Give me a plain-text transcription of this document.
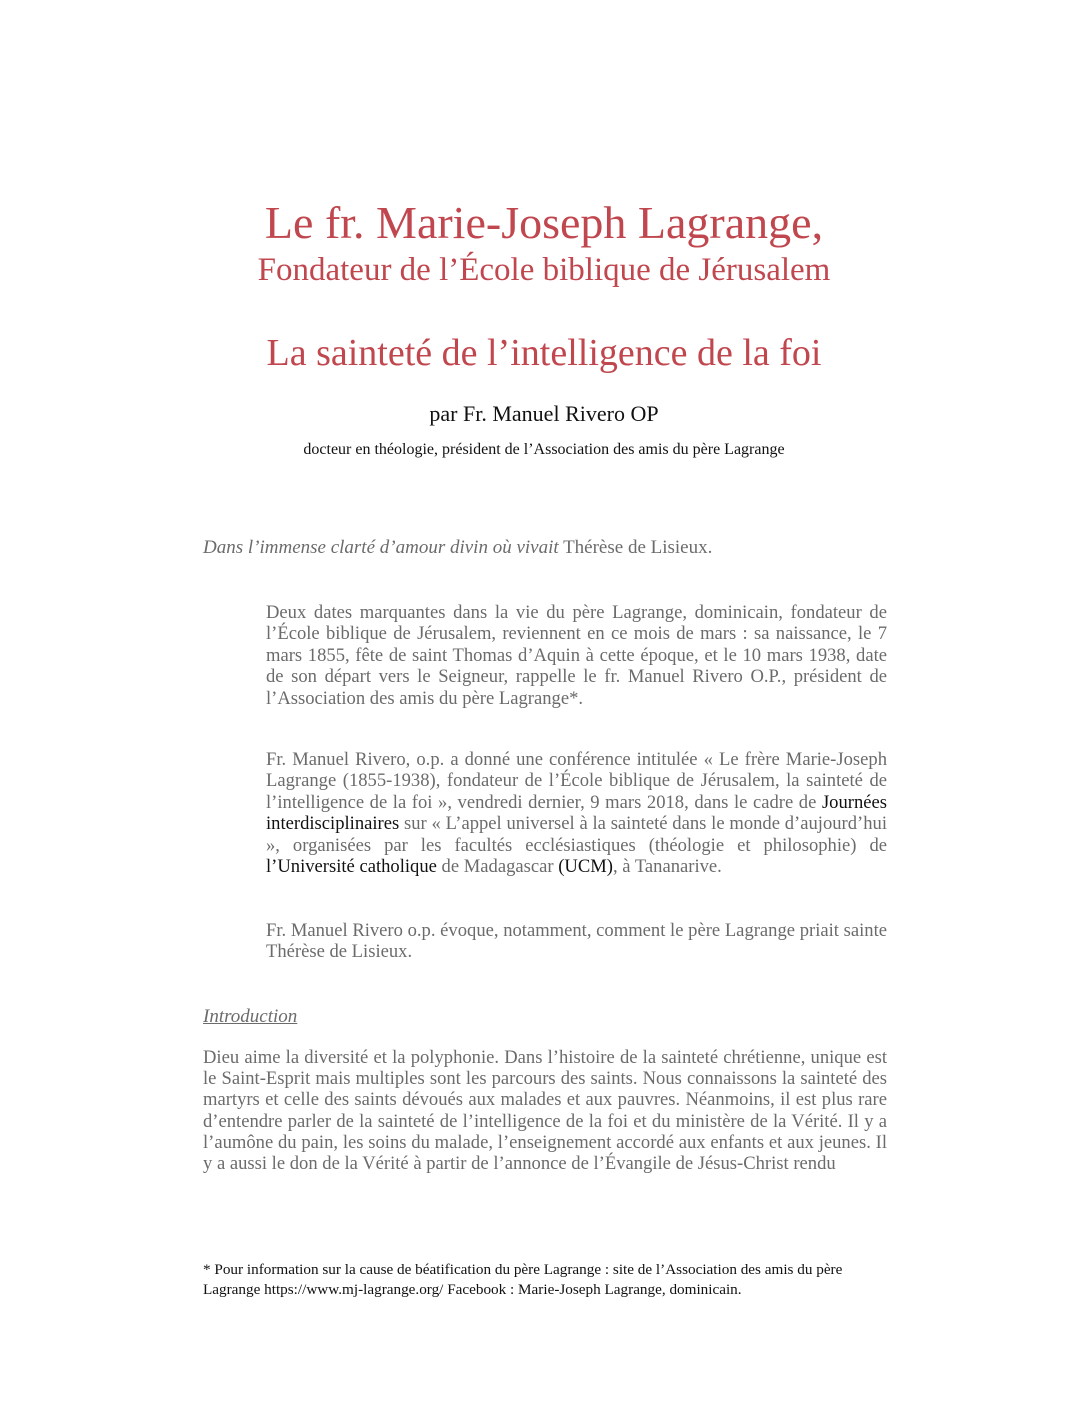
Le fr. Marie-Joseph Lagrange,
Fondateur de l’École biblique de Jérusalem
La sainteté de l’intelligence de la foi
par Fr. Manuel Rivero OP
docteur en théologie, président de l’Association des amis du père Lagrange
Dans l’immense clarté d’amour divin où vivait Thérèse de Lisieux.
Deux dates marquantes dans la vie du père Lagrange, dominicain, fondateur de l’École biblique de Jérusalem, reviennent en ce mois de mars : sa naissance, le 7 mars 1855, fête de saint Thomas d’Aquin à cette époque, et le 10 mars 1938, date de son départ vers le Seigneur, rappelle le fr. Manuel Rivero O.P., président de l’Association des amis du père Lagrange*.
Fr. Manuel Rivero, o.p. a donné une conférence intitulée « Le frère Marie-Joseph Lagrange (1855-1938), fondateur de l’École biblique de Jérusalem, la sainteté de l’intelligence de la foi », vendredi dernier, 9 mars 2018, dans le cadre de Journées interdisciplinaires sur « L’appel universel à la sainteté dans le monde d’aujourd’hui », organisées par les facultés ecclésiastiques (théologie et philosophie) de l’Université catholique de Madagascar (UCM), à Tananarive.
Fr. Manuel Rivero o.p. évoque, notamment, comment le père Lagrange priait sainte Thérèse de Lisieux.
Introduction
Dieu aime la diversité et la polyphonie. Dans l’histoire de la sainteté chrétienne, unique est le Saint-Esprit mais multiples sont les parcours des saints. Nous connaissons la sainteté des martyrs et celle des saints dévoués aux malades et aux pauvres. Néanmoins, il est plus rare d’entendre parler de la sainteté de l’intelligence de la foi et du ministère de la Vérité. Il y a l’aumône du pain, les soins du malade, l’enseignement accordé aux enfants et aux jeunes. Il y a aussi le don de la Vérité à partir de l’annonce de l’Évangile de Jésus-Christ rendu
* Pour information sur la cause de béatification du père Lagrange : site de l’Association des amis du père Lagrange https://www.mj-lagrange.org/ Facebook : Marie-Joseph Lagrange, dominicain.
